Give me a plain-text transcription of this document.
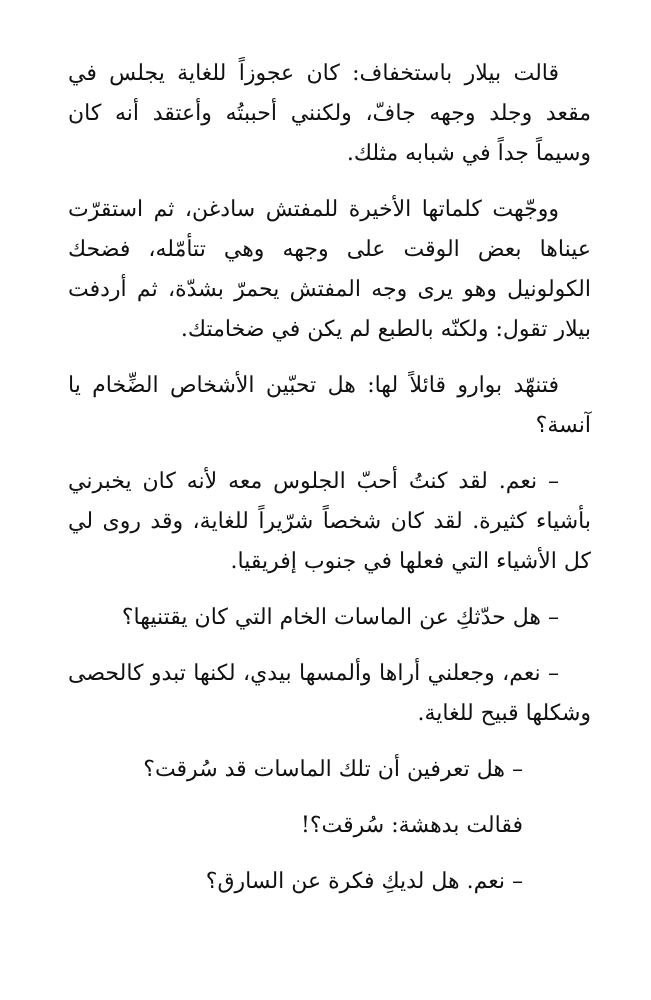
قالت بيلار باستخفاف: كان عجوزاً للغاية يجلس في مقعد وجلد وجهه جافّ، ولكنني أحببتُه وأعتقد أنه كان وسيماً جداً في شبابه مثلك.

ووجّهت كلماتها الأخيرة للمفتش سادغن، ثم استقرّت عيناها بعض الوقت على وجهه وهي تتأمّله، فضحك الكولونيل وهو يرى وجه المفتش يحمرّ بشدّة، ثم أردفت بيلار تقول: ولكنّه بالطبع لم يكن في ضخامتك.

فتنهّد بوارو قائلاً لها: هل تحبّين الأشخاص الضِّخام يا آنسة؟

– نعم. لقد كنتُ أحبّ الجلوس معه لأنه كان يخبرني بأشياء كثيرة. لقد كان شخصاً شرّيراً للغاية، وقد روى لي كل الأشياء التي فعلها في جنوب إفريقيا.

– هل حدّثكِ عن الماسات الخام التي كان يقتنيها؟

– نعم، وجعلني أراها وألمسها بيدي، لكنها تبدو كالحصى وشكلها قبيح للغاية.

– هل تعرفين أن تلك الماسات قد سُرقت؟

فقالت بدهشة: سُرقت؟!

– نعم. هل لديكِ فكرة عن السارق؟
